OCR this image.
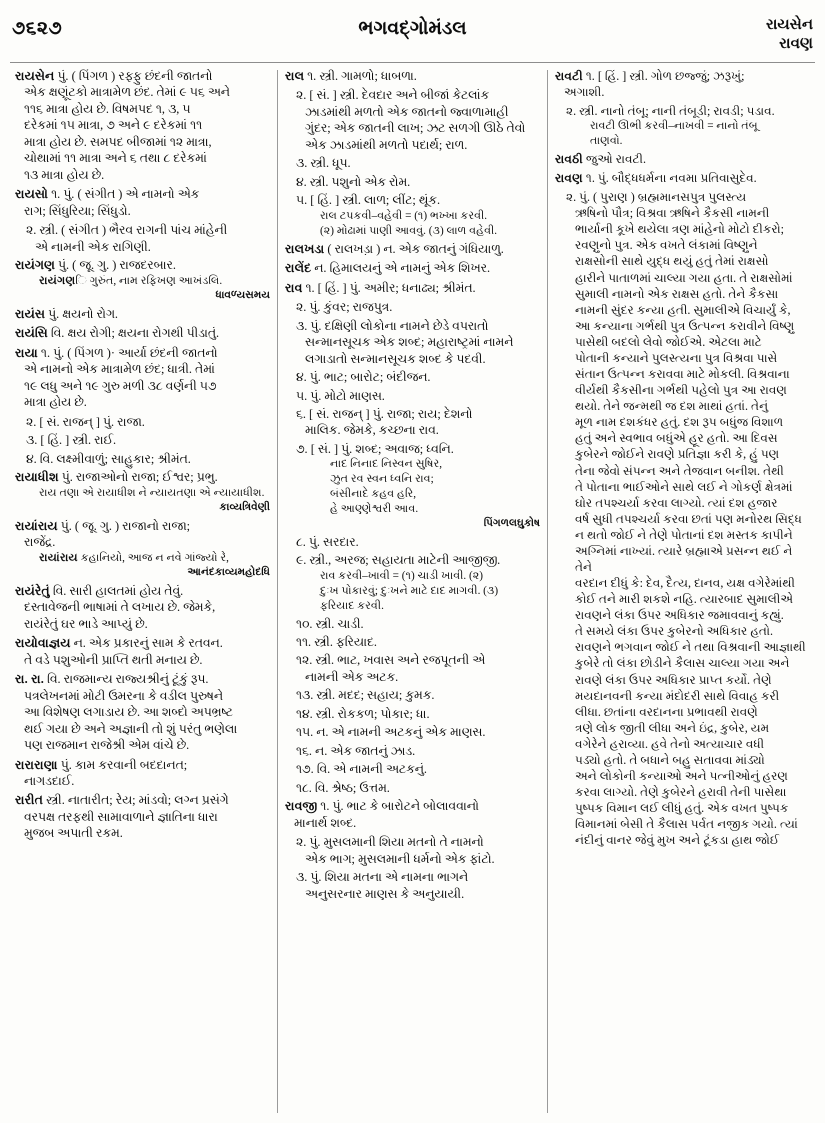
૭૬૨૭	ભગવદ્‌ગોમંડલ	રાયસેન
રાવણ

રાયસેન પું. ( પિંગળ ) રફ્ફુ છંદની જાતનો

એક ક્ષણૂંટકો માત્રામેળ છંદ. તેમાં ૯ ૫૬ અને

૧૧૬ માત્રા હોય છે. વિષમપદ ૧, ૩, ૫

દરેકમાં ૧૫ માત્રા, ૭ અને ૯ દરેકમાં ૧૧

માત્રા હોય છે. સમપદ બીજામાં ૧૨ માત્રા,

ચોથામાં ૧૧ માત્રા અને ૬ તથા ૮ દરેકમાં

૧૩ માત્રા હોય છે.

રાયસો ૧. પું. ( સંગીત ) એ નામનો એક

રાગ; સિંધુરિયા; સિંધુડો.

૨. સ્ત્રી. ( સંગીત ) ભૈરવ રાગની પાંચ માંહેની

એ નામની એક રાગિણી.

રાયંગણ પું. ( જૂ. ગુ. ) રાજદરબાર.

રાયંગણિ ગુરુંત, નામ રફિખણ આખંડલિ.

ધાવળ્યસમય

રાયંસ પું. ક્ષયનો રોગ.

રાયંસિ વિ. ક્ષય રોગી; ક્ષયના રોગથી પીડાતું.

રાયા ૧. પું. ( પિંગળ )· આર્યા છંદની જાતનો

એ નામનો એક માત્રામેળ છંદ; ધાત્રી. તેમાં

૧૯ લધુ અને ૧૯ ગુરુ મળી ૩૮ વર્ણની ૫૭

માત્રા હોય છે.

૨. [ સં. રાજન્ ] પું. રાજા.

૩. [ હિં. ] સ્ત્રી. રાઈ.

૪. વિ. લક્ષ્મીવાળું; સાહુકાર; શ્રીમંત.

રાયાધીશ પું. રાજાઓનો રાજા; ઈશ્વર; પ્રભુ.

રાય તણા એ રાયાધીશ ને ન્યાયતણા એ ન્યાયાધીશ.

કાવ્યત્રિવેણી

રાયાંરાય પું. ( જૂ. ગુ. ) રાજાનો રાજા;

રાજેંદ્ર.

રાયાંરાય કહાનિયો, આજ ન નવે ગાંજ્યો રે,

આનંદકાવ્યમહોદધિ

રાયંરેતું વિ. સારી હાલતમાં હોય તેવું.

દસ્તાવેજની ભાષામાં તે લખાય છે. જેમકે,

રાયંરેતું ઘર ભાડે આપ્યું છે.

રાયોવાજ્ઞય ન. એક પ્રકારનું સામ કે રતવન.

તે વડે પશુઓની પ્રાપ્તિ થતી મનાય છે.

રા. રા. વિ. રાજમાન્ય રાજ્યશ્રીનું ટૂંકું રૂપ.

પત્રલેખનમાં મોટી ઉમરના કે વડીલ પુરુષને

આ વિશેષણ લગાડાય છે. આ શબ્દો અપભ્રષ્ટ

થઈ ગયા છે અને અજ્ઞાની તો શું પરંતુ ભણેલા

પણ રાજમાન રાજેશ્રી એમ વાંચે છે.

રારારાણા પું. કામ કરવાની બદદાનત;

નાગડદાઈ.

રારીત સ્ત્રી. નાતારીત; રેય; માંડવો; લગ્ન પ્રસંગે

વરપક્ષ તરફથી સામાવાળાને જ્ઞાતિના ધારા

મુજબ અપાતી રકમ.

રાલ ૧. સ્ત્રી. ગામળો; ધાબળા.

૨. [ સં. ] સ્ત્રી. દેવદાર અને બીજાં કેટલાંક

ઝાડમાંથી મળતો એક જાતનો જ્વાળામાહી

ગુંદર; એક જાતની લાખ; ઝટ સળગી ઊઠે તેવો

એક ઝાડમાંથી મળતો પદાર્થ; રાળ.

૩. સ્ત્રી. ધૂપ.

૪. સ્ત્રી. પશુનો એક રોમ.

૫. [ હિં. ] સ્ત્રી. લાળ; લીંટ; થૂંક.

રાલ ટપકવી–વહેવી = (૧) ભખ્ખા કરવી.

(૨) મોઢામાં પાણી આવવું. (૩) લાળ વહેવી.

રાલખડા ( રાલખડ઼ા ) ન. એક જાતનું ગંધિયાળુ.

રાલેંદ ન. હિમાલયનું એ નામનું એક શિખર.

રાવ ૧. [ હિં. ] પું. અમીર; ધનાઢ્ય; શ્રીમંત.

૨. પું. કુંવર; રાજપુત્ર.

૩. પું. દક્ષિણી લોકોના નામને છેડે વપરાતો

સન્માનસૂચક એક શબ્દ; મહારાષ્ટ્રમાં નામને

લગાડાતો સન્માનસૂચક શબ્દ કે પદવી.

૪. પું. ભાટ; બારોટ; બંદીજન.

૫. પું. મોટો માણસ.

૬. [ સં. રાજન્ ] પું. રાજા; રાય; દેશનો

માલિક. જેમકે, કચ્છના રાવ.

૭. [ સં. ] પું. શબ્દ; અવાજ; ધ્વનિ.

નાદ નિનાદ નિસ્વન સુષિર,

ઝુત રવ સ્વન ધ્વનિ રાવ;

બંસીનાદે કહવ હરિ,

હે આણ્ણેશ્વરી આવ.

પિંગળલઘુકોષ

૮. પું. સરદાર.

૯. સ્ત્રી., અરજ; સહાયતા માટેની આજીજી.

રાવ કરવી–ખાવી = (૧) ચાડી ખાવી. (૨)

દુઃખ પોકારવું; દુઃખને માટે દાદ માગવી. (૩)

ફરિયાદ કરવી.

૧૦. સ્ત્રી. ચાડી.

૧૧. સ્ત્રી. ફરિયાદ.

૧૨. સ્ત્રી. ભાટ, ખવાસ અને રજપૂતની એ

નામની એક અટક.

૧૩. સ્ત્રી. મદદ; સહાય; કુમક.

૧૪. સ્ત્રી. રોકકળ; પોકાર; ધા.

૧૫. ન. એ નામની અટકનું એક માણસ.

૧૬. ન. એક જાતનું ઝાડ.

૧૭. વિ. એ નામની અટકનું.

૧૮. વિ. શ્રેષ્ઠ; ઉત્તમ.

રાવજી ૧. પું. ભાટ કે બારોટને બોલાવવાનો

માનાર્થ શબ્દ.

૨. પું. મુસલમાની શિયા મતનો તે નામનો

એક ભાગ; મુસલમાની ધર્મનો એક ફાંટો.

૩. પું. શિયા મતના એ નામના ભાગને

અનુસરનાર માણસ કે અનુયાયી.

રાવટી ૧. [ હિં. ] સ્ત્રી. ગોળ છજ્જું; ઝરૂખું;

અગાશી.

૨. સ્ત્રી. નાનો તંબૂ; નાની તંબૂડી; રાવડી; પડાવ.

રાવટી ઊભી કરવી–નાખવી = નાનો તંબૂ

તાણવો.

રાવઠી જુઓ રાવટી.

રાવણ ૧. પું. બૌદ્ધધર્મના નવમા પ્રતિવાસુદેવ.

૨. પું. ( પુરાણ ) બ્રહ્મમાનસપુત્ર પુલસ્ત્ય

ઋષિનો પૌત્ર; વિશ્રવા ઋષિને કૈકસી નામની

ભાર્યાની કૂખે થયેલા ત્રણ માંહેનો મોટો દીકરો;

રવણુનો પુત્ર. એક વખતે લંકામાં વિષ્ણુને

રાક્ષસોની સાથે યુદ્ધ થયું હતું તેમાં રાક્ષસો

હારીને પાતાળમાં ચાલ્યા ગયા હતા. તે રાક્ષસોમાં

સુમાલી નામનો એક રાક્ષસ હતો. તેને કૈકસા

નામની સુંદર કન્યા હતી. સુમાલીએ વિચાર્યું કે,

આ કન્યાના ગર્ભથી પુત્ર ઉત્પન્ન કરાવીને વિષ્ણુ

પાસેથી બદલો લેવો જોઈએ. એટલા માટે

પોતાની કન્યાને પુલસ્ત્યના પુત્ર વિશ્રવા પાસે

સંતાન ઉત્પન્ન કરાવવા માટે મોકલી. વિશ્રવાના

વીર્યથી કૈકસીના ગર્ભથી પહેલો પુત્ર આ રાવણ

થયો. તેને જન્મથી જ દશ માથાં હતાં. તેનું

મૂળ નામ દશકંધર હતું. દશ રૂપ બધુંજ વિશાળ

હતું અને સ્વભાવ બધુંએ હૂર હતો. આ દિવસ

કુબેરને જોઈને રાવણે પ્રતિજ્ઞા કરી કે, હું પણ

તેના જેવો સંપન્ન અને તેજવાન બનીશ. તેથી

તે પોતાના ભાઈઓને સાથે લઈ ને ગોકર્ણ ક્ષેત્રમાં

ઘોર તપશ્ચર્યા કરવા લાગ્યો. ત્યાં દશ હજાર

વર્ષ સુધી તપશ્ચર્યા કરવા છતાં પણ મનોરથ સિદ્ધ

ન થતો જોઈ ને તેણે પોતાનાં દશ મસ્તક કાપીને

અગ્નિમાં નાખ્યાં. ત્યારે બ્રહ્માએ પ્રસન્ન થઈ ને તેને

વરદાન દીધું કે: દેવ, દૈત્ય, દાનવ, યક્ષ વગેરેમાંથી

કોઈ તને મારી શકશે નહિ. ત્યારબાદ સુમાલીએ

રાવણને લંકા ઉપર અધિકાર જમાવવાનું કહ્યું.

તે સમયે લંકા ઉપર કુબેરનો અધિકાર હતો.

રાવણને ભગવાન જોઈ ને તથા વિશ્રવાની આજ્ઞાથી

કુબેરે તો લંકા છોડીને કૈલાસ ચાલ્યા ગયા અને

રાવણે લંકા ઉપર અધિકાર પ્રાપ્ત કર્યો. તેણે

મયદાનવની કન્યા મંદોદરી સાથે વિવાહ કરી

લીધા. છતાંના વરદાનના પ્રભાવથી રાવણે

ત્રણે લોક જીતી લીધા અને ઇંદ્ર, કુબેર, યમ

વગેરેને હરાવ્યા. હવે તેનો અત્યાચાર વધી

પડ્યો હતો. તે બધાને બહુ સતાવવા માંડ્યો

અને લોકોની કન્યાઓ અને પત્નીઓનું હરણ

કરવા લાગ્યો. તેણે કુબેરને હરાવી તેની પાસેથા

પુષ્પક વિમાન લઈ લીધું હતું. એક વખત પુષ્પક

વિમાનમાં બેસી તે કૈલાસ પર્વત નજીક ગયો. ત્યાં

નંદીનું વાનર જેવું મુખ અને ટૂંકડા હાથ જોઈ
